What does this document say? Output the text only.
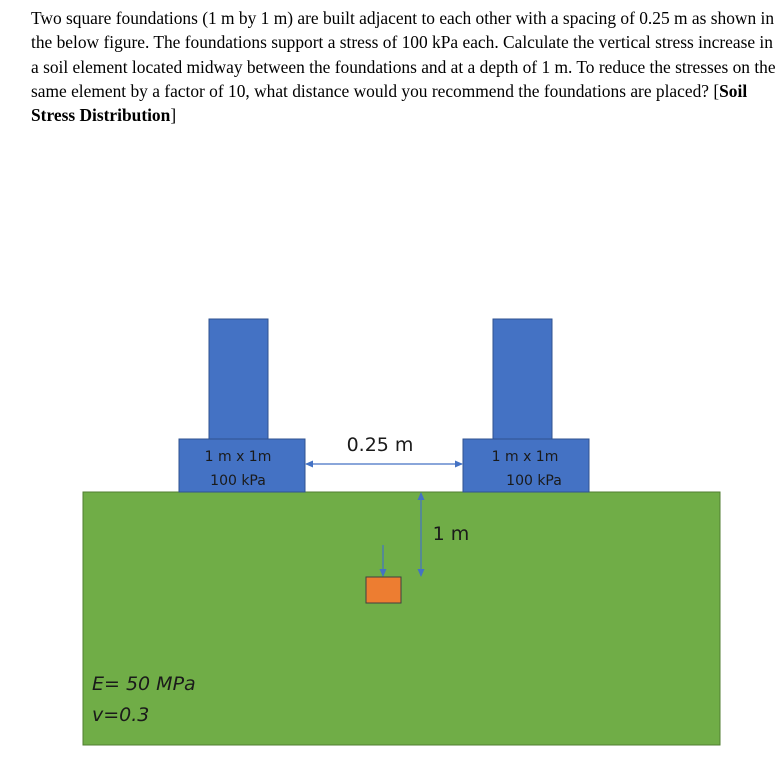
Two square foundations (1 m by 1 m) are built adjacent to each other with a spacing of 0.25 m as shown in the below figure. The foundations support a stress of 100 kPa each. Calculate the vertical stress increase in a soil element located midway between the foundations and at a depth of 1 m. To reduce the stresses on the same element by a factor of 10, what distance would you recommend the foundations are placed? [Soil Stress Distribution]
1 m x 1m
100 kPa
1 m x 1m
100 kPa
0.25 m
1 m
E= 50 MPa
v=0.3
